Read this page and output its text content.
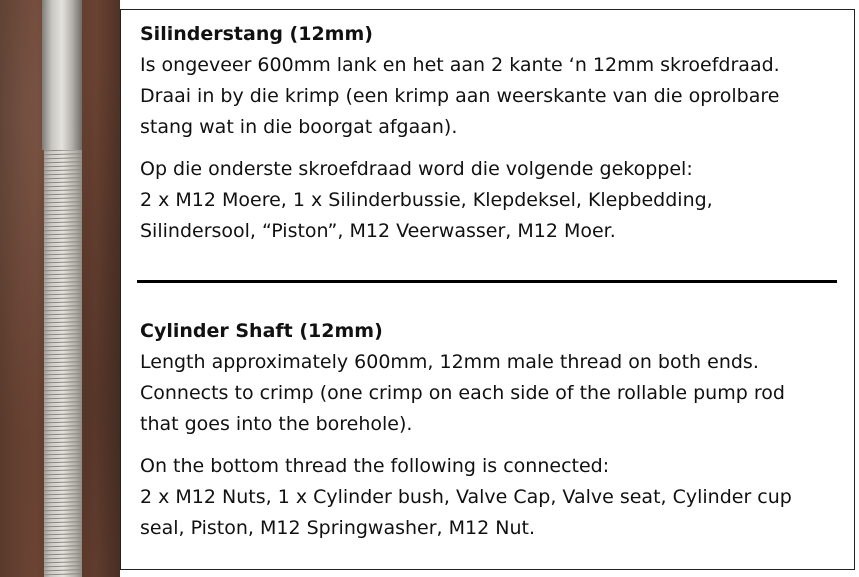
Silinderstang (12mm)

Is ongeveer 600mm lank en het aan 2 kante ‘n 12mm skroefdraad.
Draai in by die krimp (een krimp aan weerskante van die oprolbare
stang wat in die boorgat afgaan).

Op die onderste skroefdraad word die volgende gekoppel:
2 x M12 Moere, 1 x Silinderbussie, Klepdeksel, Klepbedding,
Silindersool, “Piston”, M12 Veerwasser, M12 Moer.

Cylinder Shaft (12mm)

Length approximately 600mm, 12mm male thread on both ends.
Connects to crimp (one crimp on each side of the rollable pump rod
that goes into the borehole).

On the bottom thread the following is connected:
2 x M12 Nuts, 1 x Cylinder bush, Valve Cap, Valve seat, Cylinder cup
seal, Piston, M12 Springwasher, M12 Nut.
